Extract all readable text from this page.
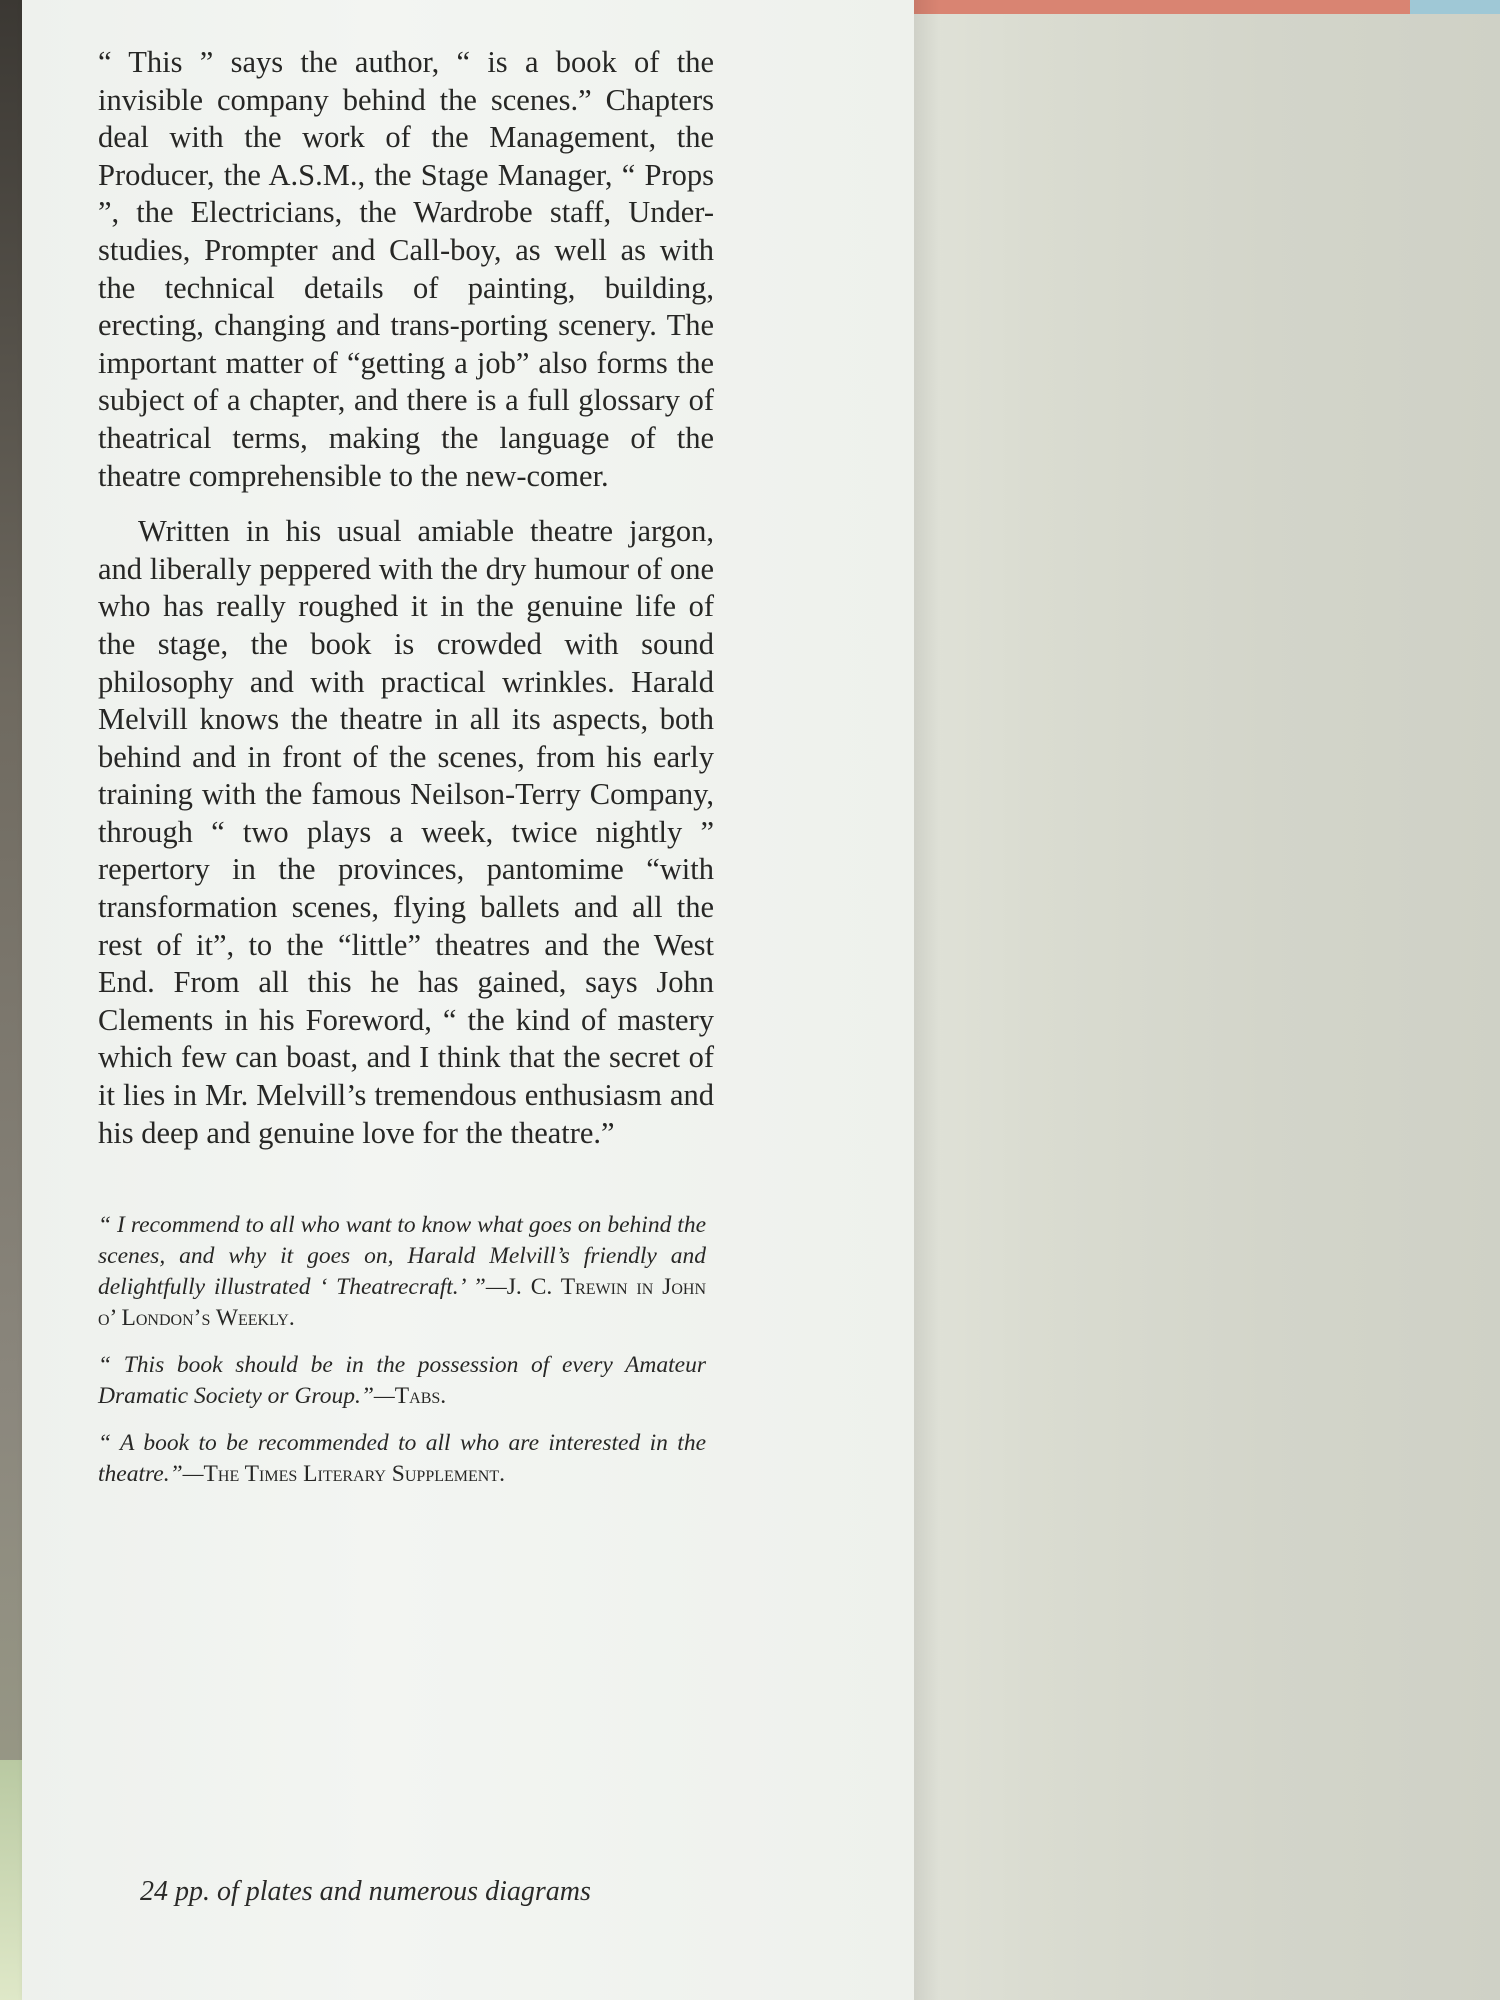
“ This ” says the author, “ is a book of the invisible company behind the scenes.” Chapters deal with the work of the Management, the Producer, the A.S.M., the Stage Manager, “ Props ”, the Electricians, the Wardrobe staff, Under-studies, Prompter and Call-boy, as well as with the technical details of painting, building, erecting, changing and trans-porting scenery. The important matter of “getting a job” also forms the subject of a chapter, and there is a full glossary of theatrical terms, making the language of the theatre comprehensible to the new-comer.

Written in his usual amiable theatre jargon, and liberally peppered with the dry humour of one who has really roughed it in the genuine life of the stage, the book is crowded with sound philosophy and with practical wrinkles. Harald Melvill knows the theatre in all its aspects, both behind and in front of the scenes, from his early training with the famous Neilson-Terry Company, through “ two plays a week, twice nightly ” repertory in the provinces, pantomime “with transformation scenes, flying ballets and all the rest of it”, to the “little” theatres and the West End. From all this he has gained, says John Clements in his Foreword, “ the kind of mastery which few can boast, and I think that the secret of it lies in Mr. Melvill’s tremendous enthusiasm and his deep and genuine love for the theatre.”

“ I recommend to all who want to know what goes on behind the scenes, and why it goes on, Harald Melvill’s friendly and delightfully illustrated ‘ Theatrecraft.’ ”—J. C. Trewin in John o’ London’s Weekly.

“ This book should be in the possession of every Amateur Dramatic Society or Group.”—Tabs.

“ A book to be recommended to all who are interested in the theatre.”—The Times Literary Supplement.

24 pp. of plates and numerous diagrams
